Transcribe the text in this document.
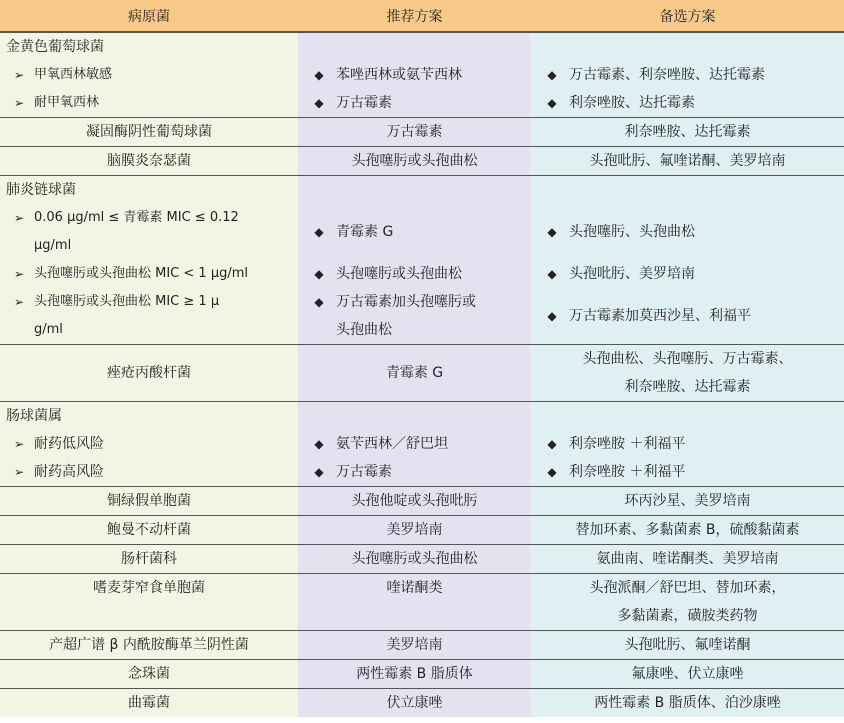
病原菌	推荐方案	备选方案
金黄色葡萄球菌		

➢ 甲氧西林敏感	◆ 苯唑西林或氨苄西林	◆ 万古霉素、利奈唑胺、达托霉素

➢ 耐甲氧西林	◆ 万古霉素	◆ 利奈唑胺、达托霉素

凝固酶阴性葡萄球菌	万古霉素	利奈唑胺、达托霉素
脑膜炎奈瑟菌	头孢噻肟或头孢曲松	头孢吡肟、氟喹诺酮、美罗培南
肺炎链球菌		

➢ 0.06 μg/ml ≤ 青霉素 MIC ≤ 0.12
μg/ml	◆ 青霉素 G	◆ 头孢噻肟、头孢曲松

➢ 头孢噻肟或头孢曲松 MIC < 1 μg/ml	◆ 头孢噻肟或头孢曲松	◆ 头孢吡肟、美罗培南

➢ 头孢噻肟或头孢曲松 MIC ≥ 1 μ
g/ml	◆ 万古霉素加头孢噻肟或
头孢曲松	◆ 万古霉素加莫西沙星、利福平

痤疮丙酸杆菌	青霉素 G	头孢曲松、头孢噻肟、万古霉素、
利奈唑胺、达托霉素
肠球菌属		

➢ 耐药低风险	◆ 氨苄西林／舒巴坦	◆ 利奈唑胺 ＋利福平

➢ 耐药高风险	◆ 万古霉素	◆ 利奈唑胺 ＋利福平

铜绿假单胞菌	头孢他啶或头孢吡肟	环丙沙星、美罗培南
鲍曼不动杆菌	美罗培南	替加环素、多黏菌素 B，硫酸黏菌素
肠杆菌科	头孢噻肟或头孢曲松	氨曲南、喹诺酮类、美罗培南
嗜麦芽窄食单胞菌	喹诺酮类	头孢派酮／舒巴坦、替加环素，
多黏菌素，磺胺类药物
产超广谱 β 内酰胺酶革兰阴性菌	美罗培南	头孢吡肟、氟喹诺酮
念珠菌	两性霉素 B 脂质体	氟康唑、伏立康唑
曲霉菌	伏立康唑	两性霉素 B 脂质体、泊沙康唑
